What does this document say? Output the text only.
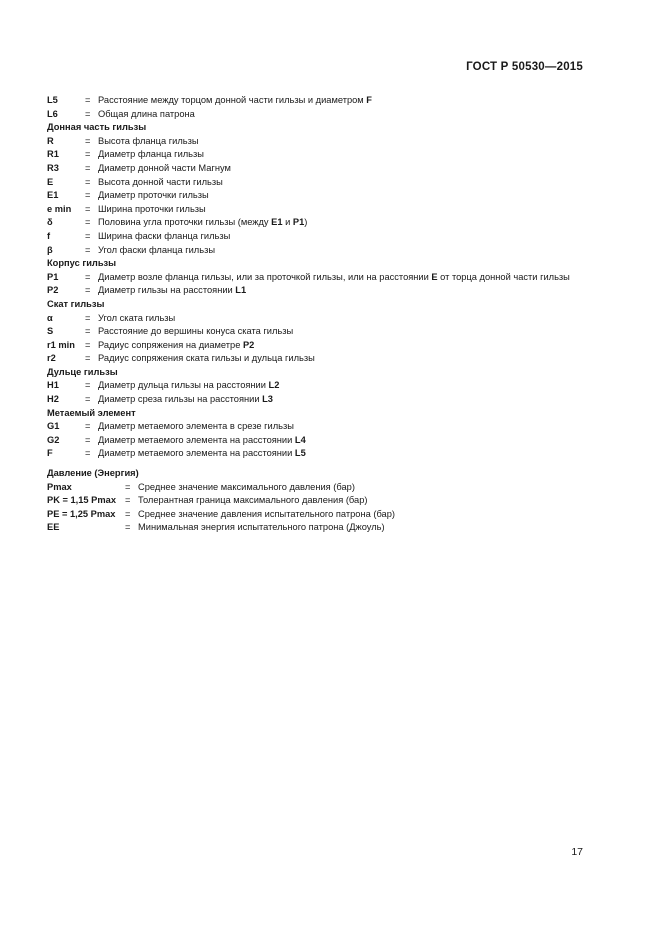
ГОСТ Р 50530—2015
L5	= Расстояние между торцом донной части гильзы и диаметром F
L6	= Общая длина патрона
Донная часть гильзы
R	= Высота фланца гильзы
R1	= Диаметр фланца гильзы
R3	= Диаметр донной части Магнум
E	= Высота донной части гильзы
E1	= Диаметр проточки гильзы
e min	= Ширина проточки гильзы
δ	= Половина угла проточки гильзы (между E1 и P1)
f	= Ширина фаски фланца гильзы
β	= Угол фаски фланца гильзы
Корпус гильзы
P1	= Диаметр возле фланца гильзы, или за проточкой гильзы, или на расстоянии E от торца донной части гильзы
P2	= Диаметр гильзы на расстоянии L1
Скат гильзы
α	= Угол ската гильзы
S	= Расстояние до вершины конуса ската гильзы
r1 min	= Радиус сопряжения на диаметре P2
r2	= Радиус сопряжения ската гильзы и дульца гильзы
Дульце гильзы
H1	= Диаметр дульца гильзы на расстоянии L2
H2	= Диаметр среза гильзы на расстоянии L3
Метаемый элемент
G1	= Диаметр метаемого элемента в срезе гильзы
G2	= Диаметр метаемого элемента на расстоянии L4
F	= Диаметр метаемого элемента на расстоянии L5
Давление (Энергия)
Pmax	= Среднее значение максимального давления (бар)
PK = 1,15 Pmax = Толерантная граница максимального давления (бар)
PE = 1,25 Pmax	= Среднее значение давления испытательного патрона (бар)
EE	= Минимальная энергия испытательного патрона (Джоуль)
17
